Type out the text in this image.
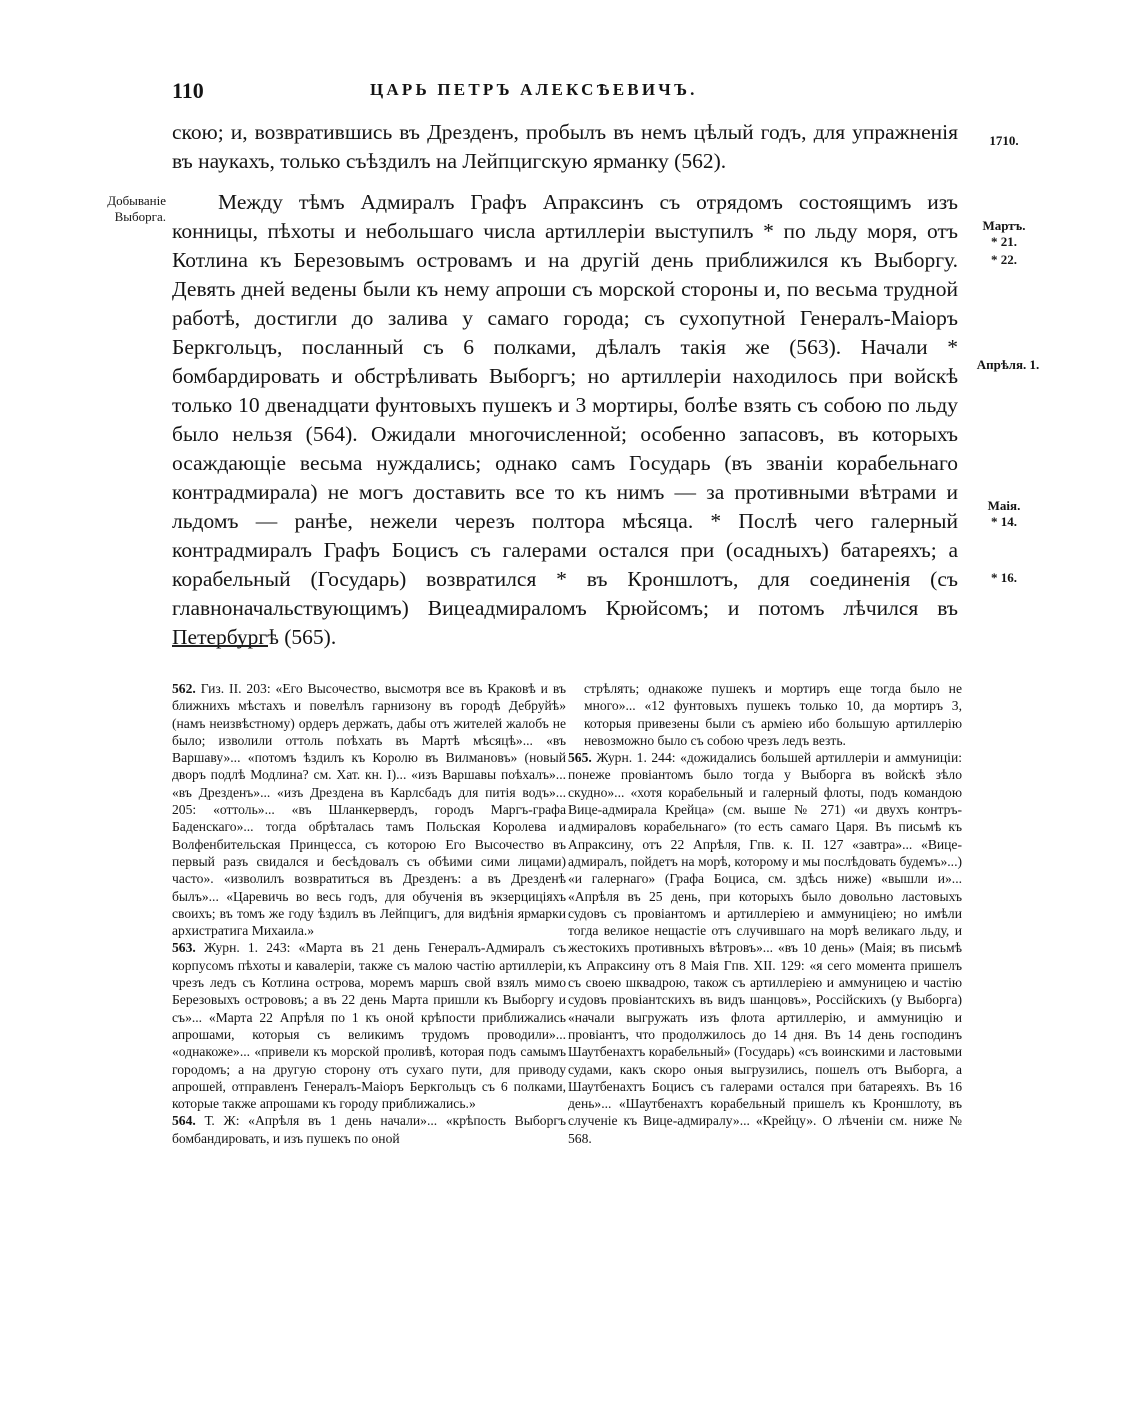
110	ЦАРЬ ПЕТРЪ АЛЕКСѢЕВИЧЪ.
Добываніе
Выборга.
1710.
Мартъ.
* 21.
* 22.
Апрѣля. 1.
Маія.
* 14.
* 16.

скою; и, возвратившись въ Дрезденъ, пробылъ въ немъ цѣлый годъ, для упражненія въ наукахъ, только съѣздилъ на Лейпцигскую ярманку (562).

Между тѣмъ Адмиралъ Графъ Апраксинъ съ отрядомъ состоящимъ изъ конницы, пѣхоты и небольшаго числа артиллеріи выступилъ * по льду моря, отъ Котлина къ Березовымъ островамъ и на другій день приближился къ Выборгу. Девять дней ведены были къ нему апроши съ морской стороны и, по весьма трудной работѣ, достигли до залива у самаго города; съ сухопутной Генералъ-Маіоръ Беркгольцъ, посланный съ 6 полками, дѣлалъ такія же (563). Начали * бомбардировать и обстрѣливать Выборгъ; но артиллеріи находилось при войскѣ только 10 двенадцати фунтовыхъ пушекъ и 3 мортиры, болѣе взять съ собою по льду было нельзя (564). Ожидали многочисленной; особенно запасовъ, въ которыхъ осаждающіе весьма нуждались; однако самъ Государь (въ званіи корабельнаго контрадмирала) не могъ доставить все то къ нимъ — за противными вѣтрами и льдомъ — ранѣе, нежели черезъ полтора мѣсяца. * Послѣ чего галерный контрадмиралъ Графъ Боцисъ съ галерами остался при (осадныхъ) батареяхъ; а корабельный (Государь) возвратился * въ Кроншлотъ, для соединенія (съ главноначальствующимъ) Вицеадмираломъ Крюйсомъ; и потомъ лѣчился въ Петербургѣ (565).

562. Гиз. II. 203: «Его Высочество, высмотря все въ Краковѣ и въ ближнихъ мѣстахъ и повелѣлъ гарнизону въ городѣ Дебруйѣ» (намъ неизвѣстному) ордеръ держать, дабы отъ жителей жалобъ не было; изволили оттоль поѣхать въ Мартѣ мѣсяцѣ»... «въ Варшаву»... «потомъ ѣздилъ къ Королю въ Вилмановъ» (новый дворъ подлѣ Модлина? см. Хат. кн. I)... «изъ Варшавы поѣхалъ»... «въ Дрезденъ»... «изъ Дрездена въ Карлсбадъ для питія водъ»... 205: «оттоль»... «въ Шланкервердъ, городъ Маргъ-графа Баденскаго»... тогда обрѣталась тамъ Польская Королева и Волфенбительская Принцесса, съ которою Его Высочество въ первый разъ свидался и бесѣдовалъ съ обѣими сими лицами) часто». «изволилъ возвратиться въ Дрезденъ: а въ Дрезденѣ былъ»... «Царевичь во весь годъ, для обученія въ экзерциціяхъ своихъ; въ томъ же году ѣздилъ въ Лейпцигъ, для видѣнія ярмарки архистратига Михаила.»

563. Журн. 1. 243: «Марта въ 21 день Генералъ-Адмиралъ съ корпусомъ пѣхоты и кавалеріи, также съ малою частію артиллеріи, чрезъ ледъ съ Котлина острова, моремъ маршъ свой взялъ мимо Березовыхъ острововъ; а въ 22 день Марта пришли къ Выборгу и съ»... «Марта 22 Апрѣля по 1 къ оной крѣпости приближались апрошами, которыя съ великимъ трудомъ проводили»... «однакоже»... «привели къ морской проливѣ, которая подъ самымъ городомъ; а на другую сторону отъ сухаго пути, для приводу апрошей, отправленъ Генералъ-Маіоръ Беркгольцъ съ 6 полками, которые также апрошами къ городу приближались.»

564. Т. Ж: «Апрѣля въ 1 день начали»... «крѣпость Выборгъ бомбандировать, и изъ пушекъ по оной

стрѣлять; однакоже пушекъ и мортиръ еще тогда было не много»... «12 фунтовыхъ пушекъ только 10, да мортиръ 3, которыя привезены были съ арміею ибо большую артиллерію невозможно было съ собою чрезъ ледъ везть.

565. Журн. 1. 244: «дожидались большей артиллеріи и аммуниціи: понеже провіантомъ было тогда у Выборга въ войскѣ зѣло скудно»... «хотя корабельный и галерный флоты, подъ командою Вице-адмирала Крейца» (см. выше № 271) «и двухъ контръ-адмираловъ корабельнаго» (то есть самаго Царя. Въ письмѣ къ Апраксину, отъ 22 Апрѣля, Гпв. к. II. 127 «завтра»... «Вице-адмиралъ, пойдетъ на морѣ, которому и мы послѣдовать будемъ»...) «и галернаго» (Графа Боциса, см. здѣсь ниже) «вышли и»... «Апрѣля въ 25 день, при которыхъ было довольно ластовыхъ судовъ съ провіантомъ и артиллеріею и аммуниціею; но имѣли тогда великое нещастіе отъ случившаго на морѣ великаго льду, и жестокихъ противныхъ вѣтровъ»... «въ 10 день» (Маія; въ письмѣ къ Апраксину отъ 8 Маія Гпв. XII. 129: «я сего момента пришелъ съ своею шквадрою, також съ артиллеріею и аммуницею и частію судовъ провіантскихъ въ видъ шанцовъ», Россійскихъ (у Выборга) «начали выгружать изъ флота артиллерію, и аммуницію и провіантъ, что продолжилось до 14 дня. Въ 14 день господинъ Шаутбенахтъ корабельный» (Государь) «съ воинскими и ластовыми судами, какъ скоро оныя выгрузились, пошелъ отъ Выборга, а Шаутбенахтъ Боцисъ съ галерами остался при батареяхъ. Въ 16 день»... «Шаутбенахтъ корабельный пришелъ къ Кроншлоту, въ слученіе къ Вице-адмиралу»... «Крейцу». О лѣченіи см. ниже № 568.
